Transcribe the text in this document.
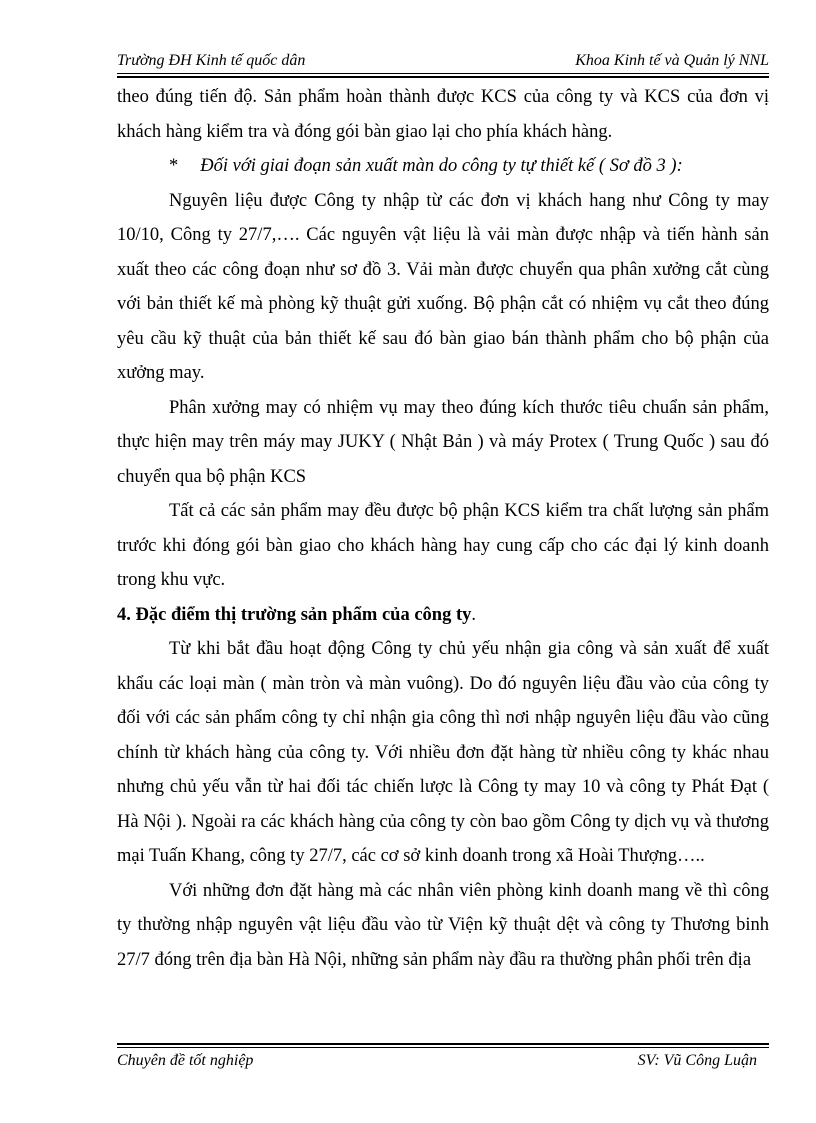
Trường ĐH Kinh tế quốc dân	Khoa Kinh tế và Quản lý NNL

theo đúng tiến độ. Sản phẩm hoàn thành được KCS của công ty và KCS của đơn vị khách hàng kiểm tra và đóng gói bàn giao lại cho phía khách hàng.

* Đối với giai đoạn sản xuất màn do công ty tự thiết kế ( Sơ đồ 3 ):

Nguyên liệu được Công ty nhập từ các đơn vị khách hang như Công ty may 10/10, Công ty 27/7,…. Các nguyên vật liệu là vải màn được nhập và tiến hành sản xuất theo các công đoạn như sơ đồ 3. Vải màn được chuyển qua phân xưởng cắt cùng với bản thiết kế mà phòng kỹ thuật gửi xuống. Bộ phận cắt có nhiệm vụ cắt theo đúng yêu cầu kỹ thuật của bản thiết kế sau đó bàn giao bán thành phẩm cho bộ phận của xưởng may.

Phân xưởng may có nhiệm vụ may theo đúng kích thước tiêu chuẩn sản phẩm, thực hiện may trên máy may JUKY ( Nhật Bản ) và máy Protex ( Trung Quốc ) sau đó chuyển qua bộ phận KCS

Tất cả các sản phẩm may đều được bộ phận KCS kiểm tra chất lượng sản phẩm trước khi đóng gói bàn giao cho khách hàng hay cung cấp cho các đại lý kinh doanh trong khu vực.

4. Đặc điểm thị trường sản phẩm của công ty.

Từ khi bắt đầu hoạt động Công ty chủ yếu nhận gia công và sản xuất để xuất khẩu các loại màn ( màn tròn và màn vuông). Do đó nguyên liệu đầu vào của công ty đối với các sản phẩm công ty chỉ nhận gia công thì nơi nhập nguyên liệu đầu vào cũng chính từ khách hàng của công ty. Với nhiều đơn đặt hàng từ nhiều công ty khác nhau nhưng chủ yếu vẫn từ hai đối tác chiến lược là Công ty may 10 và công ty Phát Đạt ( Hà Nội ). Ngoài ra các khách hàng của công ty còn bao gồm Công ty dịch vụ và thương mại Tuấn Khang, công ty 27/7, các cơ sở kinh doanh trong xã Hoài Thượng…..

Với những đơn đặt hàng mà các nhân viên phòng kinh doanh mang về thì công ty thường nhập nguyên vật liệu đầu vào từ Viện kỹ thuật dệt và công ty Thương binh 27/7 đóng trên địa bàn Hà Nội, những sản phẩm này đầu ra thường phân phối trên địa

Chuyên đề tốt nghiệp	SV: Vũ Công Luận
